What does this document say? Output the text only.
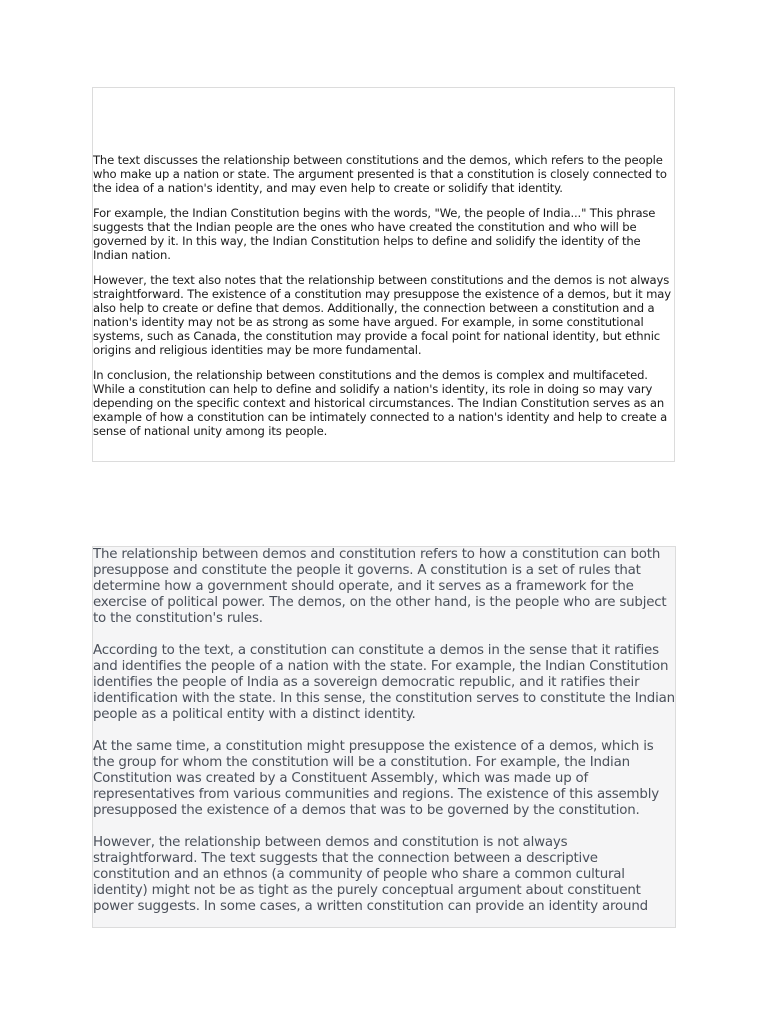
The text discusses the relationship between constitutions and the demos, which refers to the people who make up a nation or state. The argument presented is that a constitution is closely connected to the idea of a nation's identity, and may even help to create or solidify that identity.

For example, the Indian Constitution begins with the words, "We, the people of India..." This phrase suggests that the Indian people are the ones who have created the constitution and who will be governed by it. In this way, the Indian Constitution helps to define and solidify the identity of the Indian nation.

However, the text also notes that the relationship between constitutions and the demos is not always straightforward. The existence of a constitution may presuppose the existence of a demos, but it may also help to create or define that demos. Additionally, the connection between a constitution and a nation's identity may not be as strong as some have argued. For example, in some constitutional systems, such as Canada, the constitution may provide a focal point for national identity, but ethnic origins and religious identities may be more fundamental.

In conclusion, the relationship between constitutions and the demos is complex and multifaceted. While a constitution can help to define and solidify a nation's identity, its role in doing so may vary depending on the specific context and historical circumstances. The Indian Constitution serves as an example of how a constitution can be intimately connected to a nation's identity and help to create a sense of national unity among its people.

The relationship between demos and constitution refers to how a constitution can both presuppose and constitute the people it governs. A constitution is a set of rules that determine how a government should operate, and it serves as a framework for the exercise of political power. The demos, on the other hand, is the people who are subject to the constitution's rules.

According to the text, a constitution can constitute a demos in the sense that it ratifies and identifies the people of a nation with the state. For example, the Indian Constitution identifies the people of India as a sovereign democratic republic, and it ratifies their identification with the state. In this sense, the constitution serves to constitute the Indian people as a political entity with a distinct identity.

At the same time, a constitution might presuppose the existence of a demos, which is the group for whom the constitution will be a constitution. For example, the Indian Constitution was created by a Constituent Assembly, which was made up of representatives from various communities and regions. The existence of this assembly presupposed the existence of a demos that was to be governed by the constitution.

However, the relationship between demos and constitution is not always straightforward. The text suggests that the connection between a descriptive constitution and an ethnos (a community of people who share a common cultural identity) might not be as tight as the purely conceptual argument about constituent power suggests. In some cases, a written constitution can provide an identity around
